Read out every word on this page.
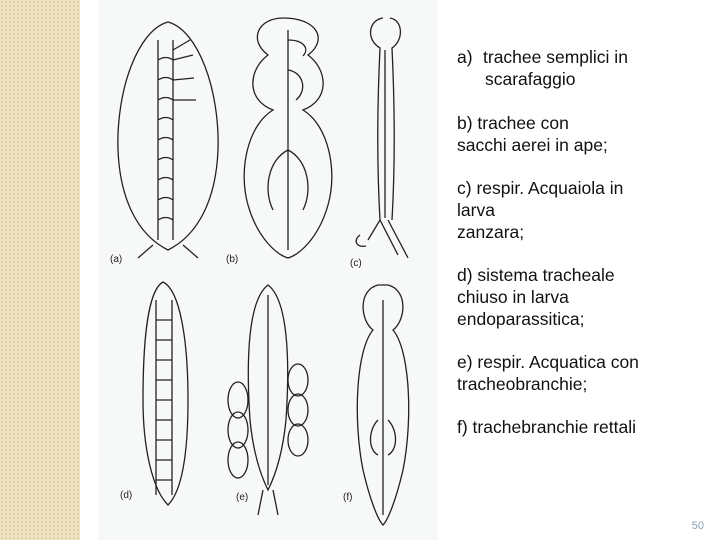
(a)	(b)	(c)
(d)	(e)	(f)

a) trachee semplici in
scarafaggio

b) trachee con
sacchi aerei in ape;

c) respir. Acquaiola in
larva
zanzara;

d) sistema tracheale
chiuso in larva
endoparassitica;

e) respir. Acquatica con
tracheobranchie;

f) trachebranchie rettali

50
